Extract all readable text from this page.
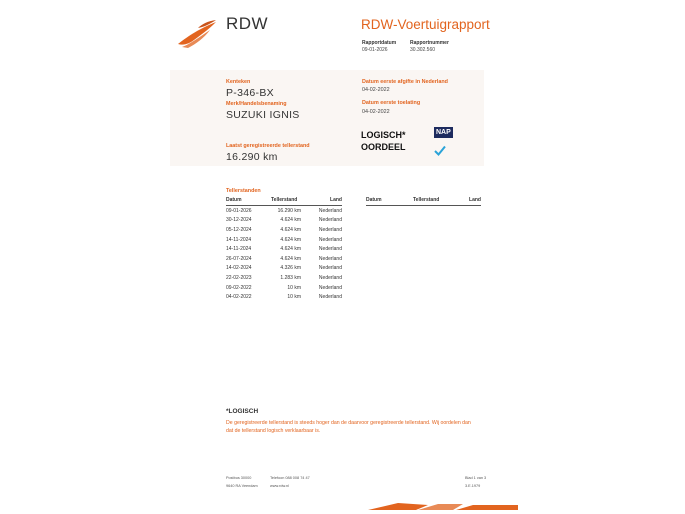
RDW	RDW-Voertuigrapport
Rapportdatum
09-01-2026
Rapportnummer
30.302.560
Kenteken
P-346-BX
Merk/Handelsbenaming
SUZUKI IGNIS
Laatst geregistreerde tellerstand
16.290 km
Datum eerste afgifte in Nederland
04-02-2022
Datum eerste toelating
04-02-2022
LOGISCH*
OORDEEL
NAP
Tellerstanden
Datum	Tellerstand	Land
09-01-2026	16.290 km	Nederland
30-12-2024	4.624 km	Nederland
05-12-2024	4.624 km	Nederland
14-11-2024	4.624 km	Nederland
14-11-2024	4.624 km	Nederland
26-07-2024	4.624 km	Nederland
14-02-2024	4.326 km	Nederland
22-02-2023	1.283 km	Nederland
09-02-2022	10 km	Nederland
04-02-2022	10 km	Nederland
Datum	Tellerstand	Land
*LOGISCH
De geregistreerde tellerstand is steeds hoger dan de daarvoor geregistreerde tellerstand. Wij oordelen dan
dat de tellerstand logisch verklaarbaar is.
Postbus 30000
9640 RA Veendam
Telefoon 088 008 74 47
www.rdw.nl
Blad 1 van 3
3.E.1979
